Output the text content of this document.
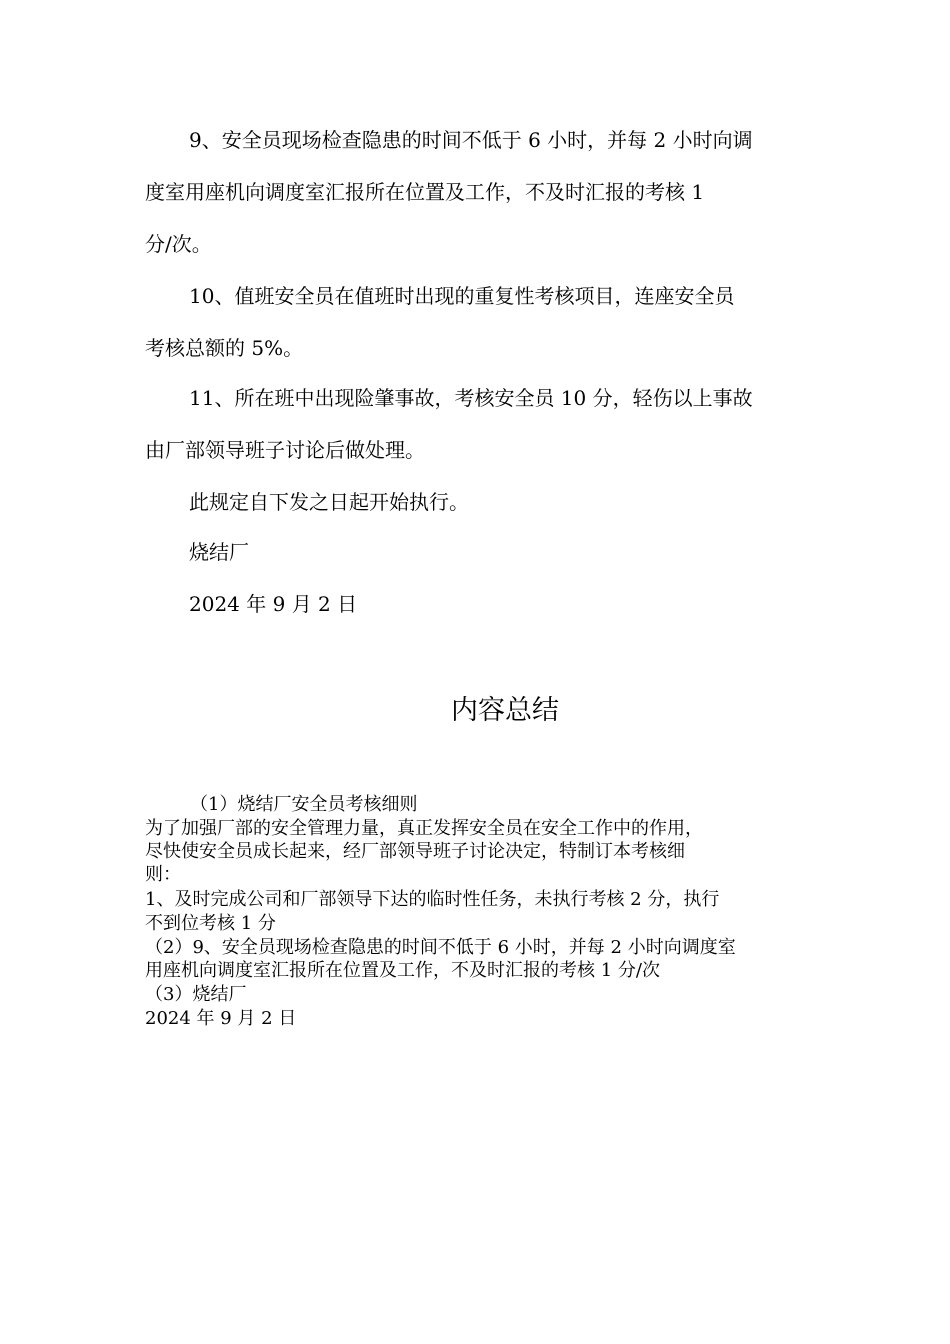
9、安全员现场检查隐患的时间不低于 6 小时，并每 2 小时向调
度室用座机向调度室汇报所在位置及工作，不及时汇报的考核 1
分/次。
10、值班安全员在值班时出现的重复性考核项目，连座安全员
考核总额的 5%。
11、所在班中出现险肇事故，考核安全员 10 分，轻伤以上事故
由厂部领导班子讨论后做处理。
此规定自下发之日起开始执行。
烧结厂
2024 年 9 月 2 日
内容总结
（1）烧结厂安全员考核细则
为了加强厂部的安全管理力量，真正发挥安全员在安全工作中的作用，
尽快使安全员成长起来，经厂部领导班子讨论决定，特制订本考核细
则：
1、及时完成公司和厂部领导下达的临时性任务，未执行考核 2 分，执行
不到位考核 1 分
（2）9、安全员现场检查隐患的时间不低于 6 小时，并每 2 小时向调度室
用座机向调度室汇报所在位置及工作，不及时汇报的考核 1 分/次
（3）烧结厂
2024 年 9 月 2 日
